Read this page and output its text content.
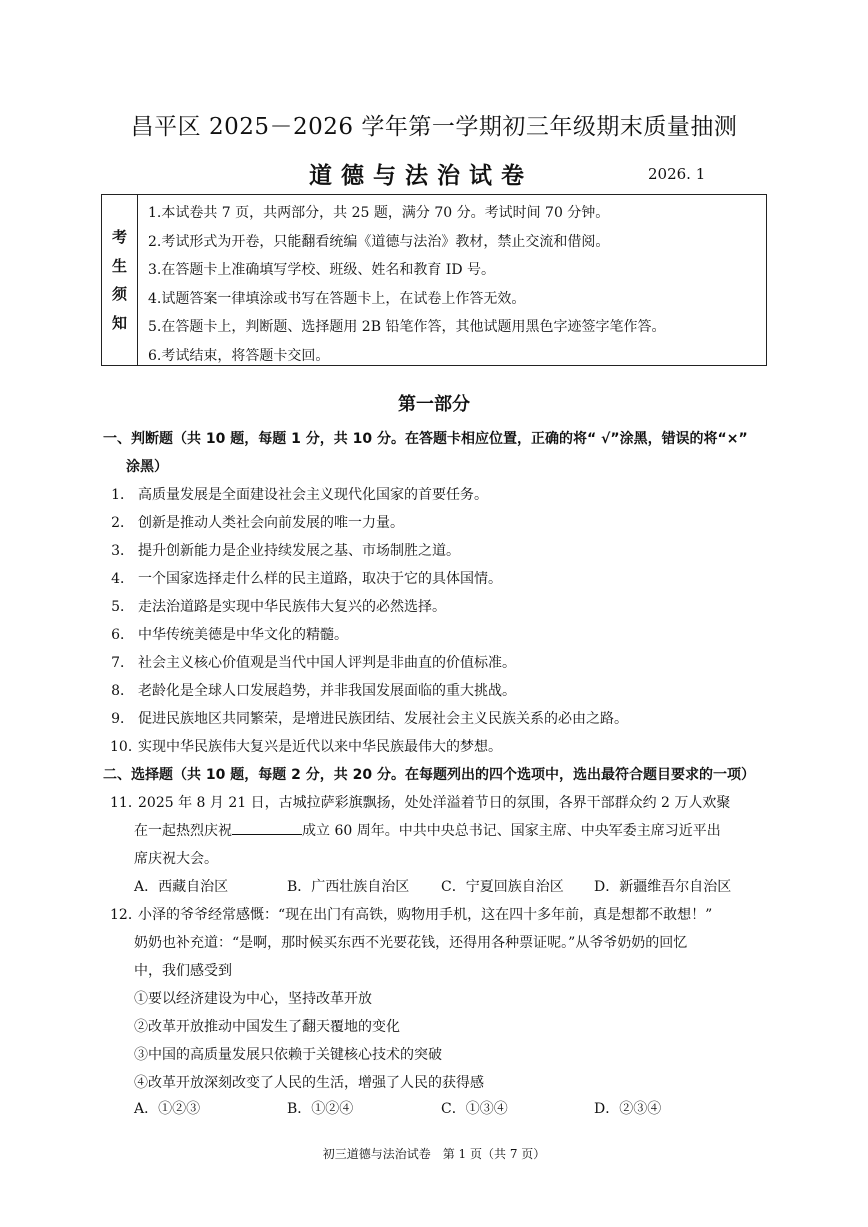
昌平区 2025－2026 学年第一学期初三年级期末质量抽测
道德与法治试卷	2026. 1
考
生
须
知
1.本试卷共 7 页，共两部分，共 25 题，满分 70 分。考试时间 70 分钟。
2.考试形式为开卷，只能翻看统编《道德与法治》教材，禁止交流和借阅。
3.在答题卡上准确填写学校、班级、姓名和教育 ID 号。
4.试题答案一律填涂或书写在答题卡上，在试卷上作答无效。
5.在答题卡上，判断题、选择题用 2B 铅笔作答，其他试题用黑色字迹签字笔作答。
6.考试结束，将答题卡交回。
第一部分
一、判断题（共 10 题，每题 1 分，共 10 分。在答题卡相应位置，正确的将“ √”涂黑，错误的将“×”
涂黑）
1． 高质量发展是全面建设社会主义现代化国家的首要任务。
2． 创新是推动人类社会向前发展的唯一力量。
3． 提升创新能力是企业持续发展之基、市场制胜之道。
4． 一个国家选择走什么样的民主道路，取决于它的具体国情。
5． 走法治道路是实现中华民族伟大复兴的必然选择。
6． 中华传统美德是中华文化的精髓。
7． 社会主义核心价值观是当代中国人评判是非曲直的价值标准。
8． 老龄化是全球人口发展趋势，并非我国发展面临的重大挑战。
9． 促进民族地区共同繁荣，是增进民族团结、发展社会主义民族关系的必由之路。
10．实现中华民族伟大复兴是近代以来中华民族最伟大的梦想。
二、选择题（共 10 题，每题 2 分，共 20 分。在每题列出的四个选项中，选出最符合题目要求的一项）
11．2025 年 8 月 21 日，古城拉萨彩旗飘扬，处处洋溢着节日的氛围，各界干部群众约 2 万人欢聚
在一起热烈庆祝	成立 60 周年。中共中央总书记、国家主席、中央军委主席习近平出
席庆祝大会。
A．西藏自治区	B．广西壮族自治区 C．宁夏回族自治区 D．新疆维吾尔自治区
12．小泽的爷爷经常感慨：“现在出门有高铁，购物用手机，这在四十多年前，真是想都不敢想！”
奶奶也补充道：“是啊，那时候买东西不光要花钱，还得用各种票证呢。”从爷爷奶奶的回忆
中，我们感受到
①要以经济建设为中心，坚持改革开放
②改革开放推动中国发生了翻天覆地的变化
③中国的高质量发展只依赖于关键核心技术的突破
④改革开放深刻改变了人民的生活，增强了人民的获得感
A．①②③	B．①②④	C．①③④	D．②③④
初三道德与法治试卷　第 1 页（共 7 页）
